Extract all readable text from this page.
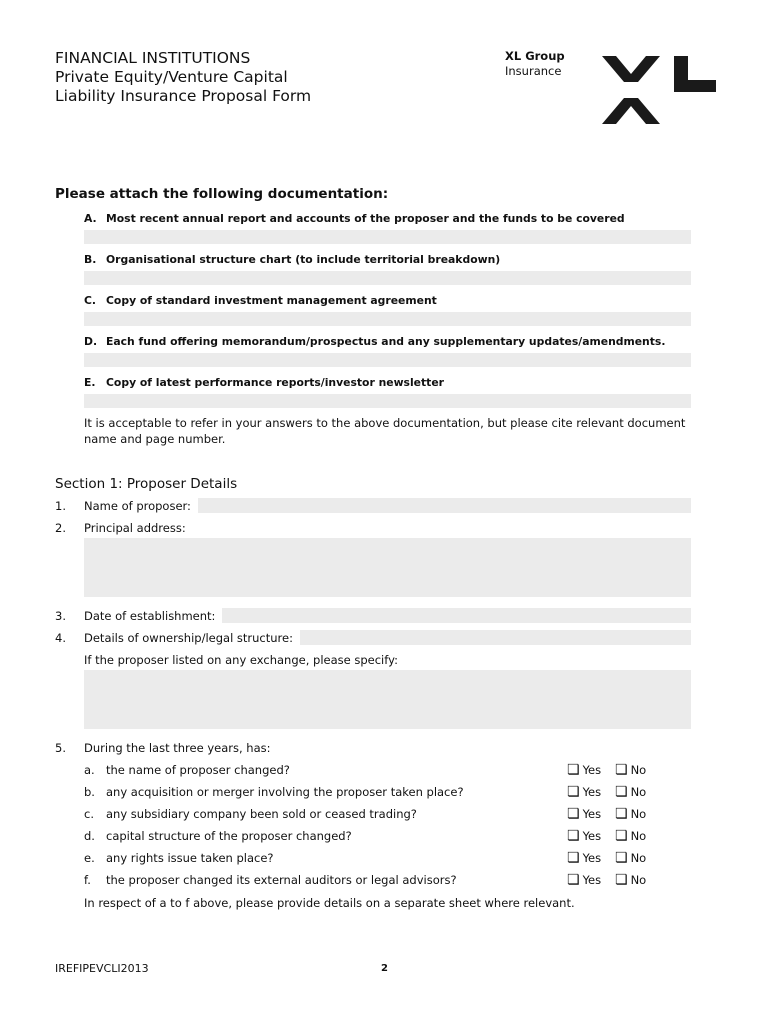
FINANCIAL INSTITUTIONS
Private Equity/Venture Capital
Liability Insurance Proposal Form
XL Group
Insurance
Please attach the following documentation:
A. Most recent annual report and accounts of the proposer and the funds to be covered
B. Organisational structure chart (to include territorial breakdown)
C. Copy of standard investment management agreement
D. Each fund offering memorandum/prospectus and any supplementary updates/amendments.
E. Copy of latest performance reports/investor newsletter
It is acceptable to refer in your answers to the above documentation, but please cite relevant document
name and page number.
Section 1: Proposer Details
1. Name of proposer:
2. Principal address:
3. Date of establishment:
4. Details of ownership/legal structure:
If the proposer listed on any exchange, please specify:
5. During the last three years, has:
a. the name of proposer changed?	❏ Yes ❏ No
b. any acquisition or merger involving the proposer taken place?	❏ Yes ❏ No
c. any subsidiary company been sold or ceased trading?	❏ Yes ❏ No
d. capital structure of the proposer changed?	❏ Yes ❏ No
e. any rights issue taken place?	❏ Yes ❏ No
f. the proposer changed its external auditors or legal advisors?	❏ Yes ❏ No
In respect of a to f above, please provide details on a separate sheet where relevant.
IREFIPEVCLI2013	2
